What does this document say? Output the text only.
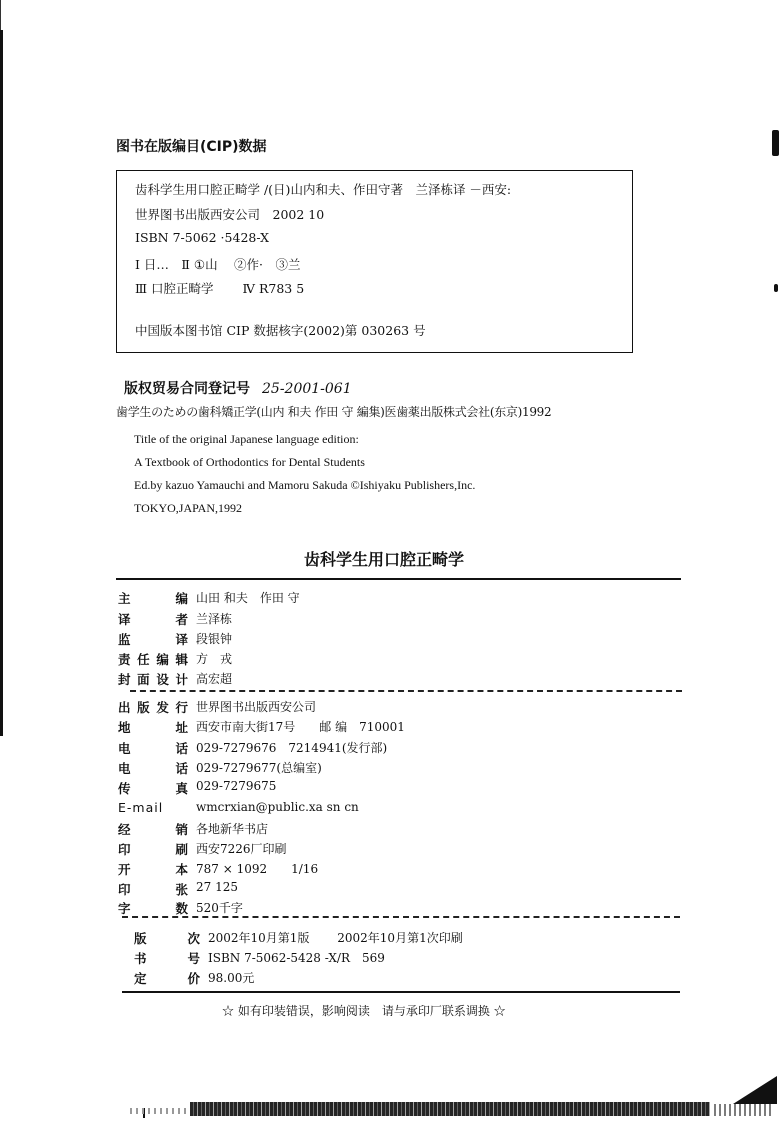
图书在版编目(CIP)数据
齿科学生用口腔正畸学 /(日)山内和夫、作田守著　兰泽栋译 －西安:
世界图书出版西安公司　2002 10
ISBN 7-5062 ·5428-X
Ⅰ 日…　Ⅱ ①山　 ②作·　③兰
Ⅲ 口腔正畸学　　 Ⅳ R783 5
中国版本图书馆 CIP 数据核字(2002)第 030263 号
版权贸易合同登记号 25-2001-061
歯学生のための歯科矯正学(山内 和夫 作田 守 編集)医歯薬出版株式会社(东京)1992
Title of the original Japanese language edition:
A Textbook of Orthodontics for Dental Students
Ed.by kazuo Yamauchi and Mamoru Sakuda ©Ishiyaku Publishers,Inc.
TOKYO,JAPAN,1992
齿科学生用口腔正畸学
主　编 山田 和夫　作田 守
译　者 兰泽栋
监　译 段银钟
责任编辑 方　戎
封面设计 高宏超
出版发行 世界图书出版西安公司
地　址 西安市南大街17号　　邮 编　710001
电　话 029-7279676　7214941(发行部)
电　话 029-7279677(总编室)
传　真 029-7279675
E-mail	wmcrxian@public.xa sn cn
经　销 各地新华书店
印　刷 西安7226厂印刷
开　本 787 × 1092　　1/16
印　张 27 125
字　数 520千字
版　次 2002年10月第1版　　 2002年10月第1次印刷
书　号 ISBN 7-5062-5428 -X/R　569
定　价 98.00元
☆ 如有印装错误，影响阅读　请与承印厂联系调换 ☆
